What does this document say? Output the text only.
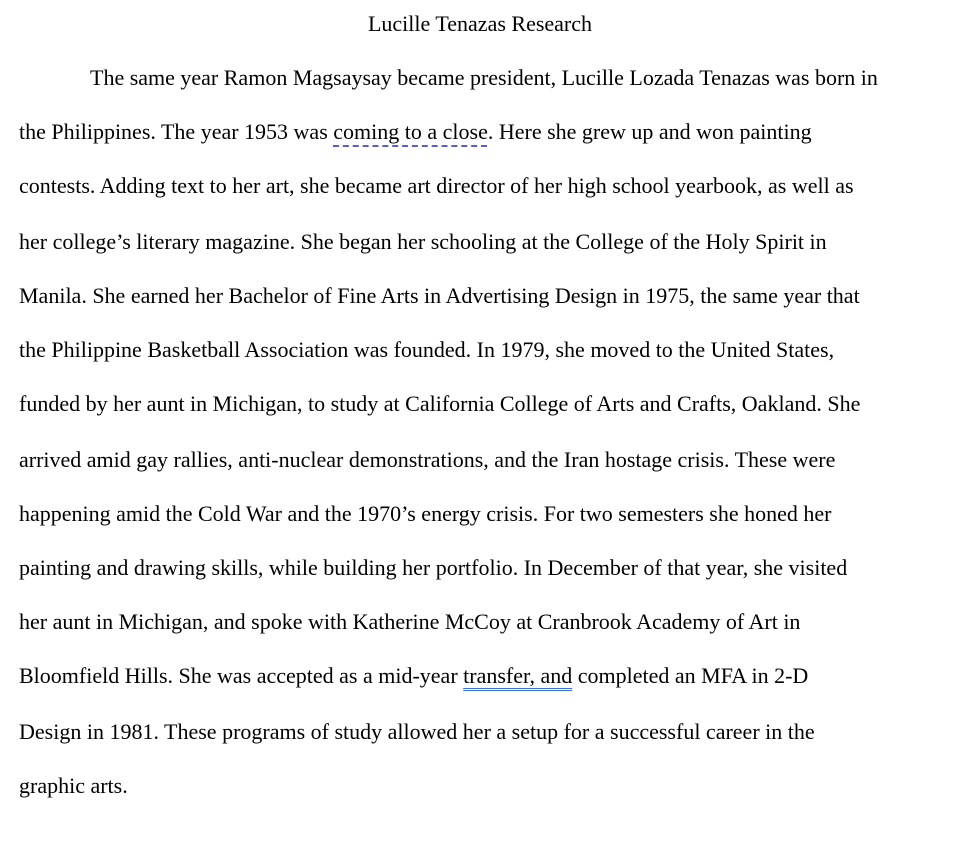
Lucille Tenazas Research

The same year Ramon Magsaysay became president, Lucille Lozada Tenazas was born in

the Philippines. The year 1953 was coming to a close. Here she grew up and won painting

contests. Adding text to her art, she became art director of her high school yearbook, as well as

her college’s literary magazine. She began her schooling at the College of the Holy Spirit in

Manila. She earned her Bachelor of Fine Arts in Advertising Design in 1975, the same year that

the Philippine Basketball Association was founded. In 1979, she moved to the United States,

funded by her aunt in Michigan, to study at California College of Arts and Crafts, Oakland. She

arrived amid gay rallies, anti-nuclear demonstrations, and the Iran hostage crisis. These were

happening amid the Cold War and the 1970’s energy crisis. For two semesters she honed her

painting and drawing skills, while building her portfolio. In December of that year, she visited

her aunt in Michigan, and spoke with Katherine McCoy at Cranbrook Academy of Art in

Bloomfield Hills. She was accepted as a mid-year transfer, and completed an MFA in 2-D

Design in 1981. These programs of study allowed her a setup for a successful career in the

graphic arts.
